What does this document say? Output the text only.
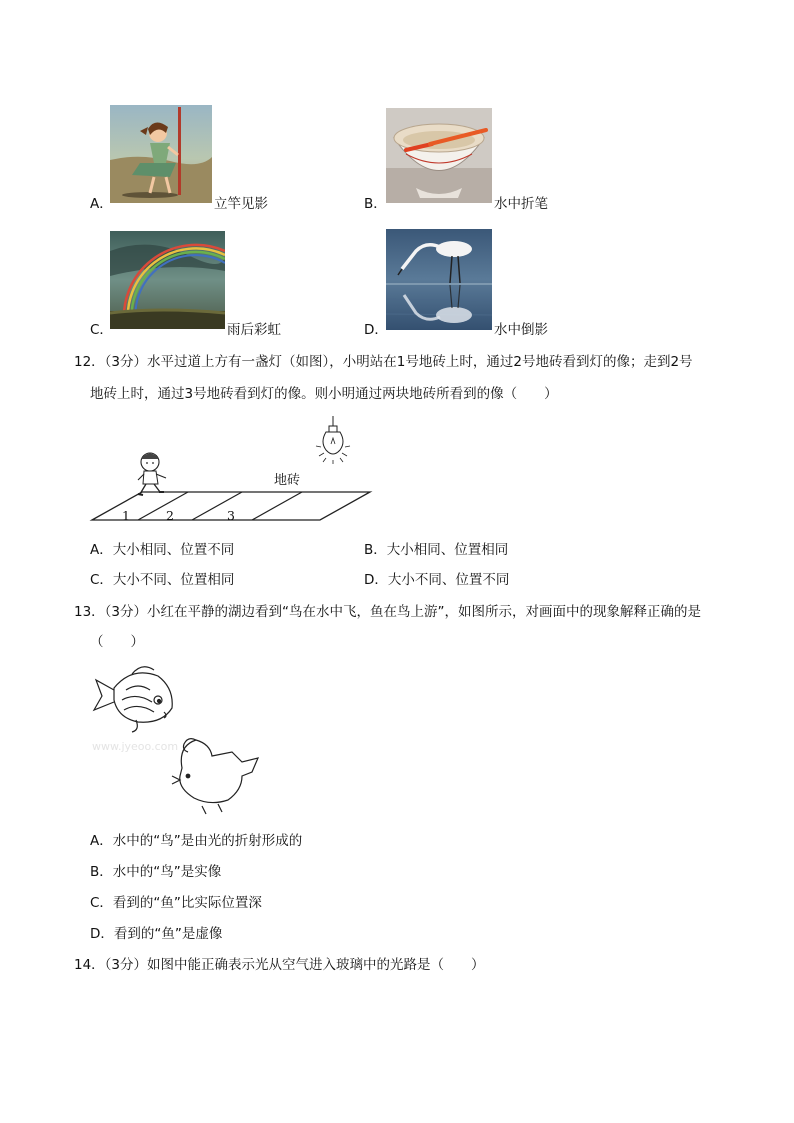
A．	立竿见影	B．	水中折笔
C．	雨后彩虹	D．	水中倒影
12．（3分）水平过道上方有一盏灯（如图），小明站在1号地砖上时，通过2号地砖看到灯的像；走到2号
地砖上时，通过3号地砖看到灯的像。则小明通过两块地砖所看到的像（　　）
地砖
1	2	3
A．大小相同、位置不同	B．大小相同、位置相同
C．大小不同、位置相同	D．大小不同、位置不同
13．（3分）小红在平静的湖边看到“鸟在水中飞，鱼在鸟上游”，如图所示，对画面中的现象解释正确的是
（　　）
www.jyeoo.com
A．水中的“鸟”是由光的折射形成的
B．水中的“鸟”是实像
C．看到的“鱼”比实际位置深
D．看到的“鱼”是虚像
14．（3分）如图中能正确表示光从空气进入玻璃中的光路是（　　）
